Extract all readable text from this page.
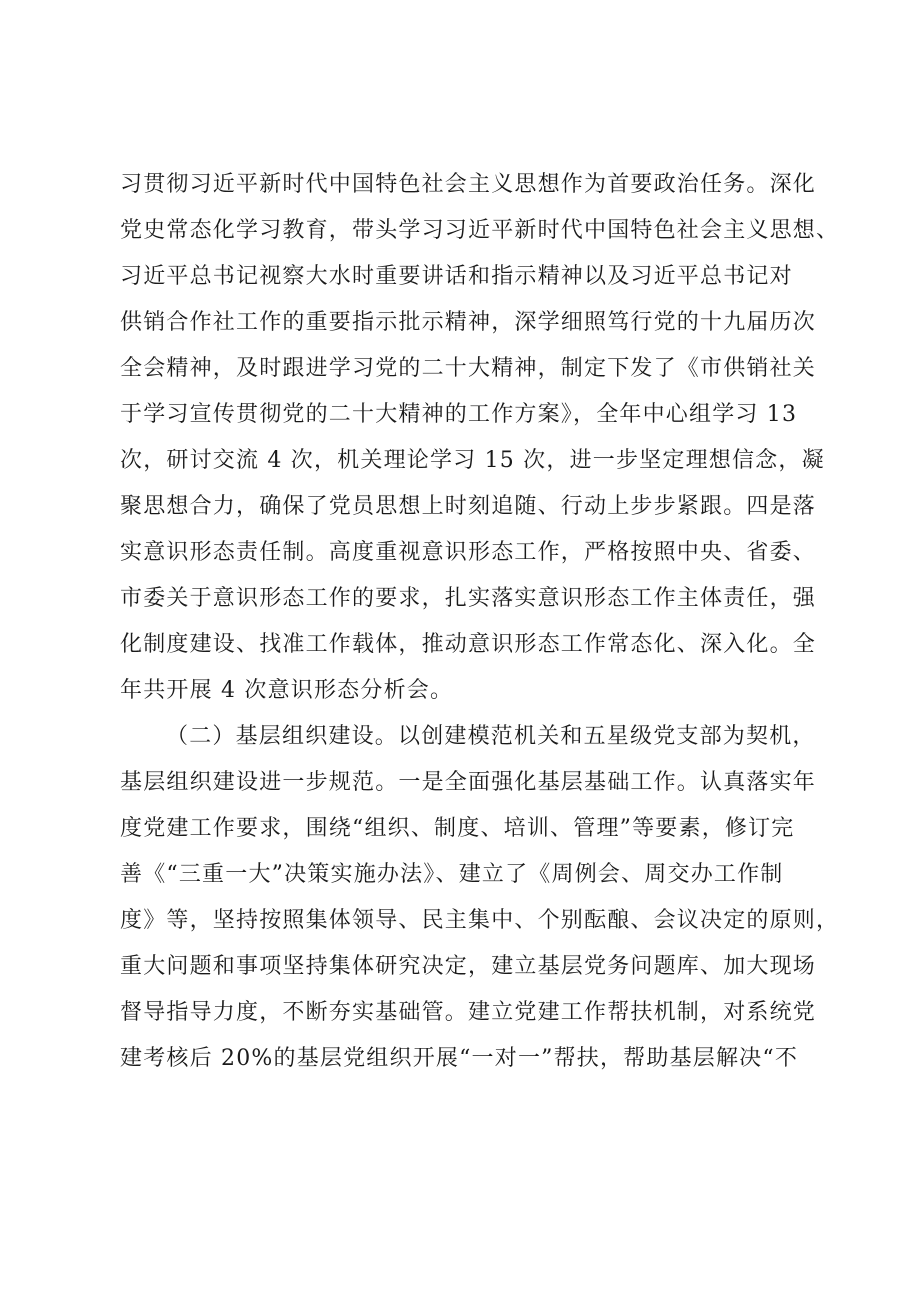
习贯彻习近平新时代中国特色社会主义思想作为首要政治任务。深化
党史常态化学习教育，带头学习习近平新时代中国特色社会主义思想、
习近平总书记视察大水时重要讲话和指示精神以及习近平总书记对
供销合作社工作的重要指示批示精神，深学细照笃行党的十九届历次
全会精神，及时跟进学习党的二十大精神，制定下发了《市供销社关
于学习宣传贯彻党的二十大精神的工作方案》，全年中心组学习 13
次，研讨交流 4 次，机关理论学习 15 次，进一步坚定理想信念，凝
聚思想合力，确保了党员思想上时刻追随、行动上步步紧跟。四是落
实意识形态责任制。高度重视意识形态工作，严格按照中央、省委、
市委关于意识形态工作的要求，扎实落实意识形态工作主体责任，强
化制度建设、找准工作载体，推动意识形态工作常态化、深入化。全
年共开展 4 次意识形态分析会。
（二）基层组织建设。以创建模范机关和五星级党支部为契机，
基层组织建设进一步规范。一是全面强化基层基础工作。认真落实年
度党建工作要求，围绕“组织、制度、培训、管理”等要素，修订完
善《“三重一大”决策实施办法》、建立了《周例会、周交办工作制
度》等，坚持按照集体领导、民主集中、个别酝酿、会议决定的原则，
重大问题和事项坚持集体研究决定，建立基层党务问题库、加大现场
督导指导力度，不断夯实基础管。建立党建工作帮扶机制，对系统党
建考核后 20%的基层党组织开展“一对一”帮扶，帮助基层解决“不
